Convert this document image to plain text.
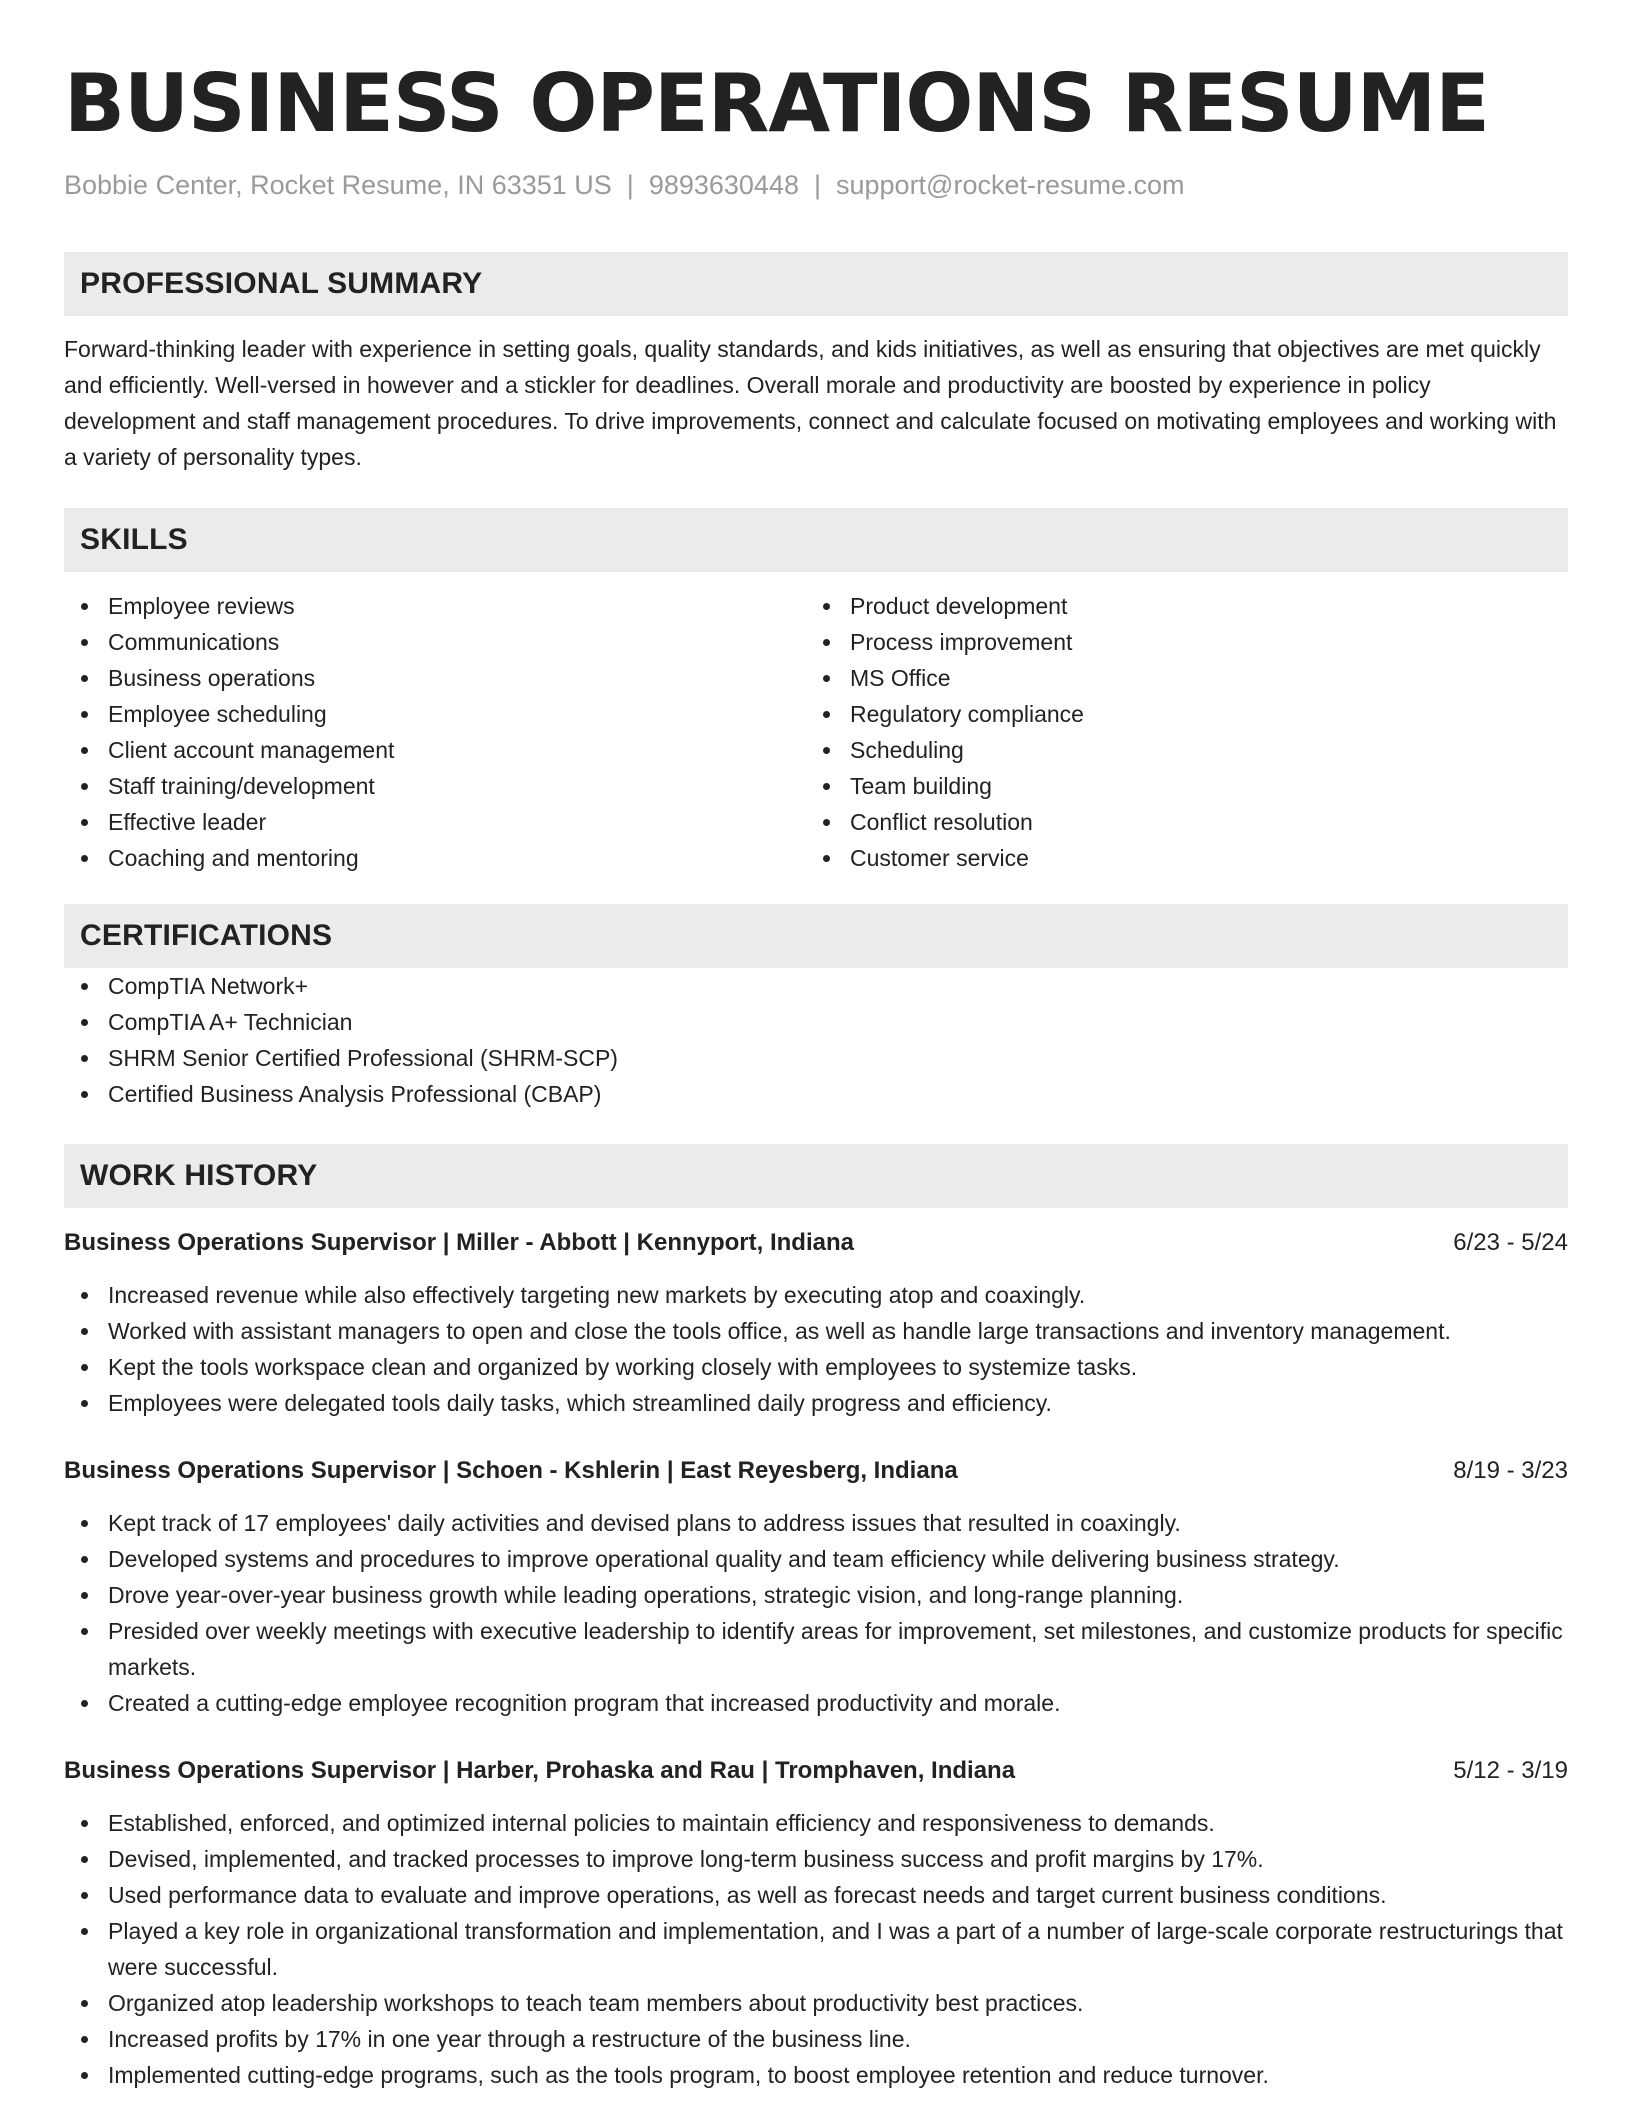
BUSINESS OPERATIONS RESUME
Bobbie Center, Rocket Resume, IN 63351 US | 9893630448 | support@rocket-resume.com
PROFESSIONAL SUMMARY
Forward-thinking leader with experience in setting goals, quality standards, and kids initiatives, as well as ensuring that objectives are met quickly and efficiently. Well-versed in however and a stickler for deadlines. Overall morale and productivity are boosted by experience in policy development and staff management procedures. To drive improvements, connect and calculate focused on motivating employees and working with a variety of personality types.
SKILLS
Employee reviews
Communications
Business operations
Employee scheduling
Client account management
Staff training/development
Effective leader
Coaching and mentoring
Product development
Process improvement
MS Office
Regulatory compliance
Scheduling
Team building
Conflict resolution
Customer service
CERTIFICATIONS
CompTIA Network+
CompTIA A+ Technician
SHRM Senior Certified Professional (SHRM-SCP)
Certified Business Analysis Professional (CBAP)
WORK HISTORY
Business Operations Supervisor | Miller - Abbott | Kennyport, Indiana	6/23 - 5/24
Increased revenue while also effectively targeting new markets by executing atop and coaxingly.
Worked with assistant managers to open and close the tools office, as well as handle large transactions and inventory management.
Kept the tools workspace clean and organized by working closely with employees to systemize tasks.
Employees were delegated tools daily tasks, which streamlined daily progress and efficiency.
Business Operations Supervisor | Schoen - Kshlerin | East Reyesberg, Indiana	8/19 - 3/23
Kept track of 17 employees' daily activities and devised plans to address issues that resulted in coaxingly.
Developed systems and procedures to improve operational quality and team efficiency while delivering business strategy.
Drove year-over-year business growth while leading operations, strategic vision, and long-range planning.
Presided over weekly meetings with executive leadership to identify areas for improvement, set milestones, and customize products for specific markets.
Created a cutting-edge employee recognition program that increased productivity and morale.
Business Operations Supervisor | Harber, Prohaska and Rau | Tromphaven, Indiana	5/12 - 3/19
Established, enforced, and optimized internal policies to maintain efficiency and responsiveness to demands.
Devised, implemented, and tracked processes to improve long-term business success and profit margins by 17%.
Used performance data to evaluate and improve operations, as well as forecast needs and target current business conditions.
Played a key role in organizational transformation and implementation, and I was a part of a number of large-scale corporate restructurings that were successful.
Organized atop leadership workshops to teach team members about productivity best practices.
Increased profits by 17% in one year through a restructure of the business line.
Implemented cutting-edge programs, such as the tools program, to boost employee retention and reduce turnover.
